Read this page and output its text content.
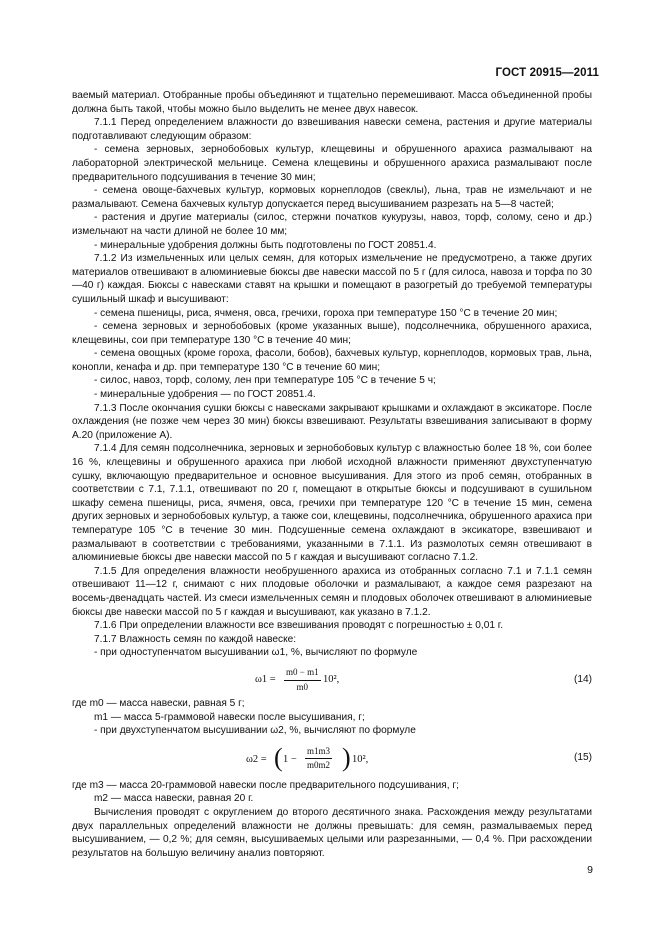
ГОСТ 20915—2011

ваемый материал. Отобранные пробы объединяют и тщательно перемешивают. Масса объединенной пробы должна быть такой, чтобы можно было выделить не менее двух навесок.

7.1.1 Перед определением влажности до взвешивания навески семена, растения и другие материалы подготавливают следующим образом:

- семена зерновых, зернобобовых культур, клещевины и обрушенного арахиса размалывают на лабораторной электрической мельнице. Семена клещевины и обрушенного арахиса размалывают после предварительного подсушивания в течение 30 мин;

- семена овоще-бахчевых культур, кормовых корнеплодов (свеклы), льна, трав не измельчают и не размалывают. Семена бахчевых культур допускается перед высушиванием разрезать на 5—8 частей;

- растения и другие материалы (силос, стержни початков кукурузы, навоз, торф, солому, сено и др.) измельчают на части длиной не более 10 мм;

- минеральные удобрения должны быть подготовлены по ГОСТ 20851.4.

7.1.2 Из измельченных или целых семян, для которых измельчение не предусмотрено, а также других материалов отвешивают в алюминиевые бюксы две навески массой по 5 г (для силоса, навоза и торфа по 30—40 г) каждая. Бюксы с навесками ставят на крышки и помещают в разогретый до требуемой температуры сушильный шкаф и высушивают:

- семена пшеницы, риса, ячменя, овса, гречихи, гороха при температуре 150 °С в течение 20 мин;

- семена зерновых и зернобобовых (кроме указанных выше), подсолнечника, обрушенного арахиса, клещевины, сои при температуре 130 °С в течение 40 мин;

- семена овощных (кроме гороха, фасоли, бобов), бахчевых культур, корнеплодов, кормовых трав, льна, конопли, кенафа и др. при температуре 130 °С в течение 60 мин;

- силос, навоз, торф, солому, лен при температуре 105 °С в течение 5 ч;

- минеральные удобрения — по ГОСТ 20851.4.

7.1.3 После окончания сушки бюксы с навесками закрывают крышками и охлаждают в эксикаторе. После охлаждения (не позже чем через 30 мин) бюксы взвешивают. Результаты взвешивания записывают в форму А.20 (приложение А).

7.1.4 Для семян подсолнечника, зерновых и зернобобовых культур с влажностью более 18 %, сои более 16 %, клещевины и обрушенного арахиса при любой исходной влажности применяют двухступенчатую сушку, включающую предварительное и основное высушивания. Для этого из проб семян, отобранных в соответствии с 7.1, 7.1.1, отвешивают по 20 г, помещают в открытые бюксы и подсушивают в сушильном шкафу семена пшеницы, риса, ячменя, овса, гречихи при температуре 120 °С в течение 15 мин, семена других зерновых и зернобобовых культур, а также сои, клещевины, подсолнечника, обрушенного арахиса при температуре 105 °С в течение 30 мин. Подсушенные семена охлаждают в эксикаторе, взвешивают и размалывают в соответствии с требованиями, указанными в 7.1.1. Из размолотых семян отвешивают в алюминиевые бюксы две навески массой по 5 г каждая и высушивают согласно 7.1.2.

7.1.5 Для определения влажности необрушенного арахиса из отобранных согласно 7.1 и 7.1.1 семян отвешивают 11—12 г, снимают с них плодовые оболочки и размалывают, а каждое семя разрезают на восемь-двенадцать частей. Из смеси измельченных семян и плодовых оболочек отвешивают в алюминиевые бюксы две навески массой по 5 г каждая и высушивают, как указано в 7.1.2.

7.1.6 При определении влажности все взвешивания проводят с погрешностью ± 0,01 г.

7.1.7 Влажность семян по каждой навеске:

- при одноступенчатом высушивании ω1, %, вычисляют по формуле

$\omega 1 = \frac{m0 - m1}{m0} 10^2$,	(14)

где m0 — масса навески, равная 5 г;

m1 — масса 5-граммовой навески после высушивания, г;

- при двухступенчатом высушивании ω2, %, вычисляют по формуле

ω2 = ( $1 - \frac{m1m3}{m0m2}$ ) 10²,	(15)

где m3 — масса 20-граммовой навески после предварительного подсушивания, г;

m2 — масса навески, равная 20 г.

Вычисления проводят с округлением до второго десятичного знака. Расхождения между результатами двух параллельных определений влажности не должны превышать: для семян, размалываемых перед высушиванием, — 0,2 %; для семян, высушиваемых целыми или разрезанными, — 0,4 %. При расхождении результатов на большую величину анализ повторяют.

9
